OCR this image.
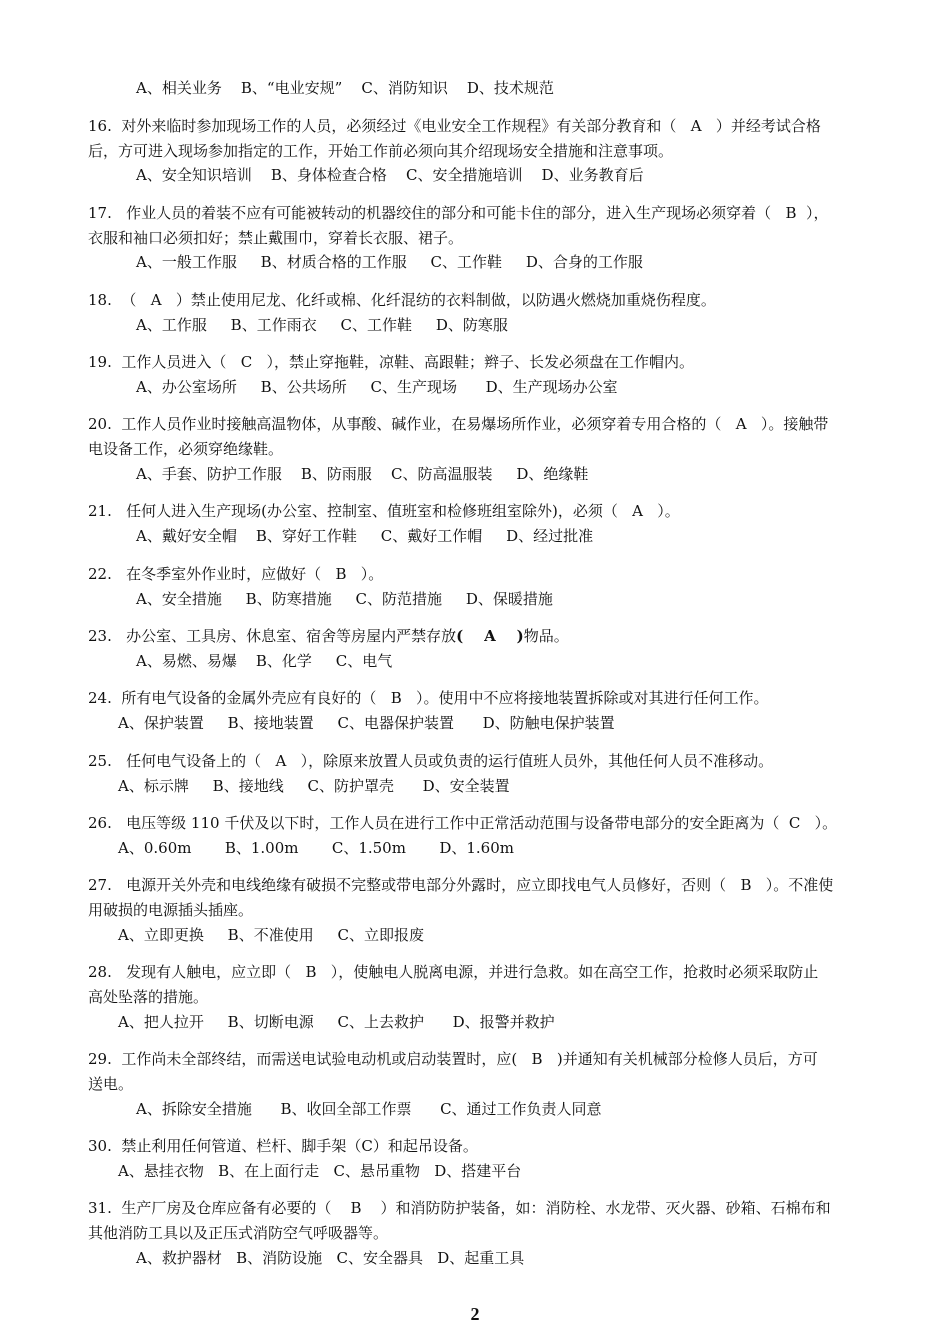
A、相关业务    B、“电业安规”    C、消防知识    D、技术规范
16.  对外来临时参加现场工作的人员，必须经过《电业安全工作规程》有关部分教育和（   A   ）并经考试合格
后，方可进入现场参加指定的工作，开始工作前必须向其介绍现场安全措施和注意事项。
A、安全知识培训    B、身体检查合格    C、安全措施培训    D、业务教育后
17.   作业人员的着装不应有可能被转动的机器绞住的部分和可能卡住的部分，进入生产现场必须穿着（   B  ），
衣服和袖口必须扣好；禁止戴围巾，穿着长衣服、裙子。
A、一般工作服     B、材质合格的工作服     C、工作鞋     D、合身的工作服
18.  （   A   ）禁止使用尼龙、化纤或棉、化纤混纺的衣料制做，以防遇火燃烧加重烧伤程度。
A、工作服     B、工作雨衣     C、工作鞋     D、防寒服
19.  工作人员进入（   C   ），禁止穿拖鞋，凉鞋、高跟鞋；辫子、长发必须盘在工作帽内。
A、办公室场所     B、公共场所     C、生产现场      D、生产现场办公室
20.  工作人员作业时接触高温物体，从事酸、碱作业，在易爆场所作业，必须穿着专用合格的（   A   ）。接触带
电设备工作，必须穿绝缘鞋。
A、手套、防护工作服    B、防雨服    C、防高温服装     D、绝缘鞋
21.   任何人进入生产现场(办公室、控制室、值班室和检修班组室除外)，必须（   A   ）。
A、戴好安全帽    B、穿好工作鞋     C、戴好工作帽     D、经过批准
22.   在冬季室外作业时，应做好（   B   ）。
A、安全措施     B、防寒措施     C、防范措施     D、保暖措施
23.   办公室、工具房、休息室、宿舍等房屋内严禁存放(    A    )物品。
A、易燃、易爆    B、化学     C、电气
24.  所有电气设备的金属外壳应有良好的（   B   ）。使用中不应将接地装置拆除或对其进行任何工作。
A、保护装置     B、接地装置     C、电器保护装置      D、防触电保护装置
25.   任何电气设备上的（   A   ），除原来放置人员或负责的运行值班人员外，其他任何人员不准移动。
A、标示牌     B、接地线     C、防护罩壳      D、安全装置
26.   电压等级 110 千伏及以下时，工作人员在进行工作中正常活动范围与设备带电部分的安全距离为（  C   ）。
A、0.60m       B、1.00m       C、1.50m       D、1.60m
27.   电源开关外壳和电线绝缘有破损不完整或带电部分外露时，应立即找电气人员修好，否则（   B   ）。不准使
用破损的电源插头插座。
A、立即更换     B、不准使用     C、立即报废
28.   发现有人触电，应立即（   B   ），使触电人脱离电源，并进行急救。如在高空工作，抢救时必须采取防止
高处坠落的措施。
A、把人拉开     B、切断电源     C、上去救护      D、报警并救护
29.  工作尚未全部终结，而需送电试验电动机或启动装置时，应(   B   )并通知有关机械部分检修人员后，方可
送电。
A、拆除安全措施      B、收回全部工作票      C、通过工作负责人同意
30.  禁止利用任何管道、栏杆、脚手架（C）和起吊设备。
A、悬挂衣物   B、在上面行走   C、悬吊重物   D、搭建平台
31.  生产厂房及仓库应备有必要的（    B    ）和消防防护装备，如：消防栓、水龙带、灭火器、砂箱、石棉布和
其他消防工具以及正压式消防空气呼吸器等。
A、救护器材   B、消防设施   C、安全器具   D、起重工具
2
